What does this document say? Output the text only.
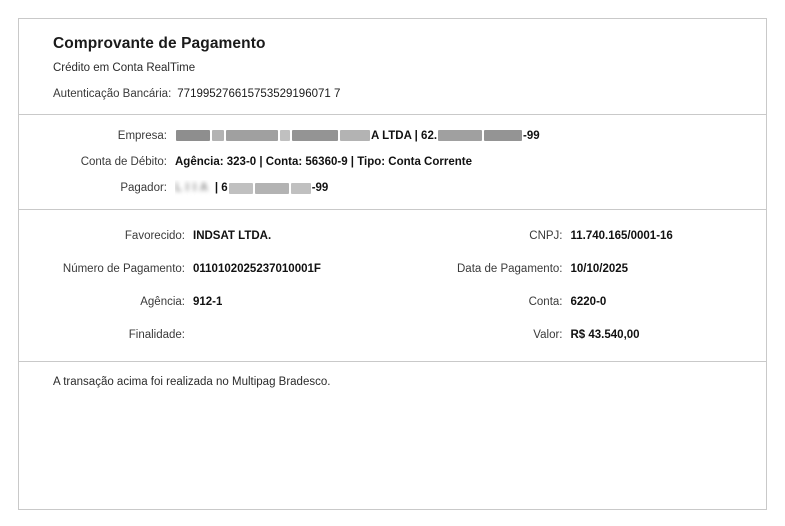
Comprovante de Pagamento
Crédito em Conta RealTime
Autenticação Bancária: 771995276615753529196071 7
Empresa:	A LTDA | 62.	-99
Conta de Débito: Agência: 323-0 | Conta: 56360-9 | Tipo: Conta Corrente
Pagador: L I I A | 6	-99
Favorecido: INDSAT LTDA.	CNPJ: 11.740.165/0001-16
Número de Pagamento: 0110102025237010001F	Data de Pagamento: 10/10/2025
Agência: 912-1	Conta: 6220-0
Finalidade:	Valor: R$ 43.540,00
A transação acima foi realizada no Multipag Bradesco.
